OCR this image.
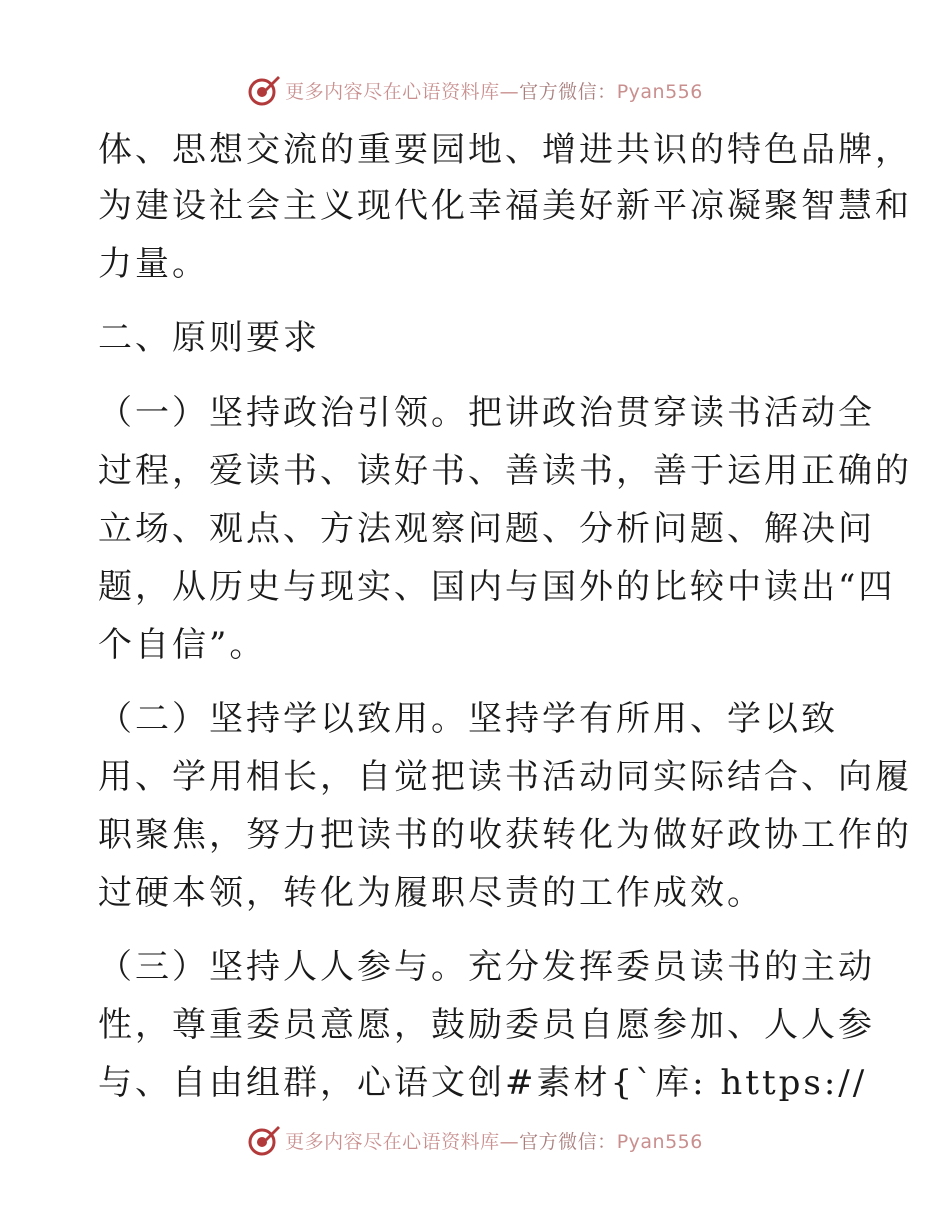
更多内容尽在心语资料库—官方微信：Pyan556
体、思想交流的重要园地、增进共识的特色品牌，
为建设社会主义现代化幸福美好新平凉凝聚智慧和
力量。
二、原则要求
（一）坚持政治引领。把讲政治贯穿读书活动全
过程，爱读书、读好书、善读书，善于运用正确的
立场、观点、方法观察问题、分析问题、解决问
题，从历史与现实、国内与国外的比较中读出“四
个自信”。
（二）坚持学以致用。坚持学有所用、学以致
用、学用相长，自觉把读书活动同实际结合、向履
职聚焦，努力把读书的收获转化为做好政协工作的
过硬本领，转化为履职尽责的工作成效。
（三）坚持人人参与。充分发挥委员读书的主动
性，尊重委员意愿，鼓励委员自愿参加、人人参
与、自由组群，心语文创#素材{`库: https://
更多内容尽在心语资料库—官方微信：Pyan556
